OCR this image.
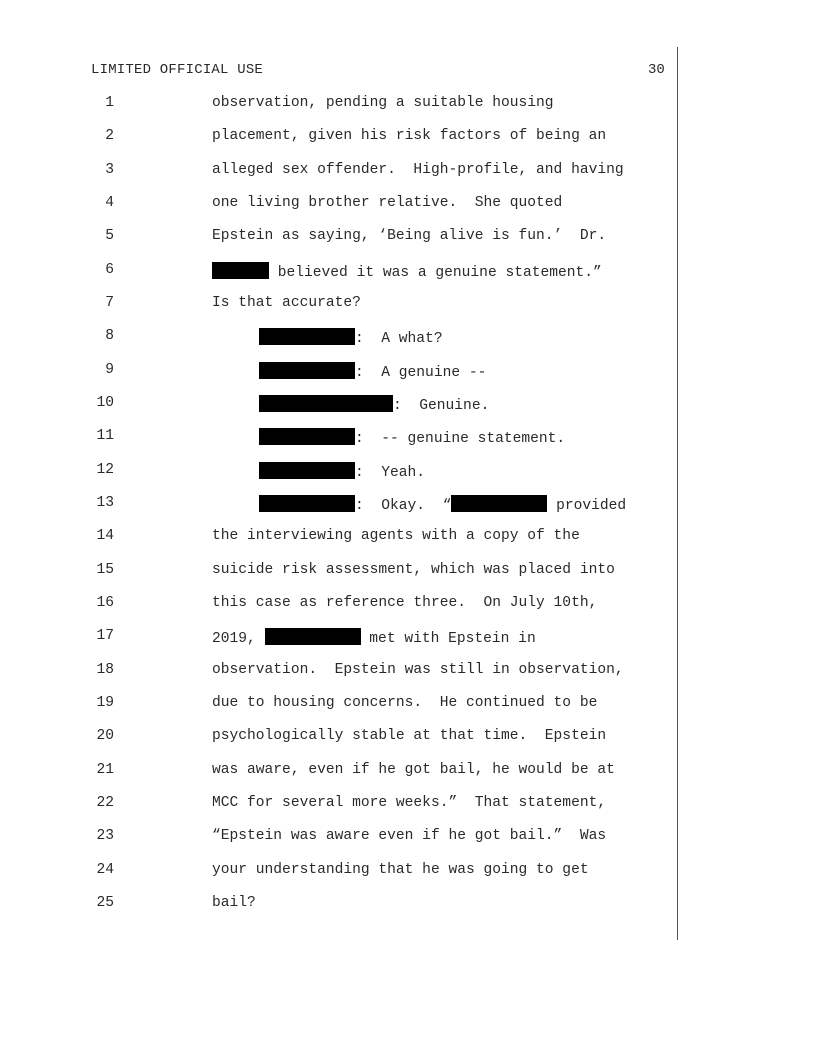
LIMITED OFFICIAL USE	30

1

	observation, pending a suitable housing

2

	placement, given his risk factors of being an

3

	alleged sex offender.  High-profile, and having

4

	one living brother relative.  She quoted

5

	Epstein as saying, ‘Being alive is fun.’  Dr.

6

	believed it was a genuine statement.”

7

	Is that accurate?

8

	:  A what?

9

	:  A genuine --

10

	:  Genuine.

11

	:  -- genuine statement.

12

	:  Yeah.

13

	:  Okay.  “	provided

14

	the interviewing agents with a copy of the

15

	suicide risk assessment, which was placed into

16

	this case as reference three.  On July 10th,

17

	2019,	met with Epstein in

18

	observation.  Epstein was still in observation,

19

	due to housing concerns.  He continued to be

20

	psychologically stable at that time.  Epstein

21

	was aware, even if he got bail, he would be at

22

	MCC for several more weeks.”  That statement,

23

	“Epstein was aware even if he got bail.”  Was

24

	your understanding that he was going to get

25

	bail?
